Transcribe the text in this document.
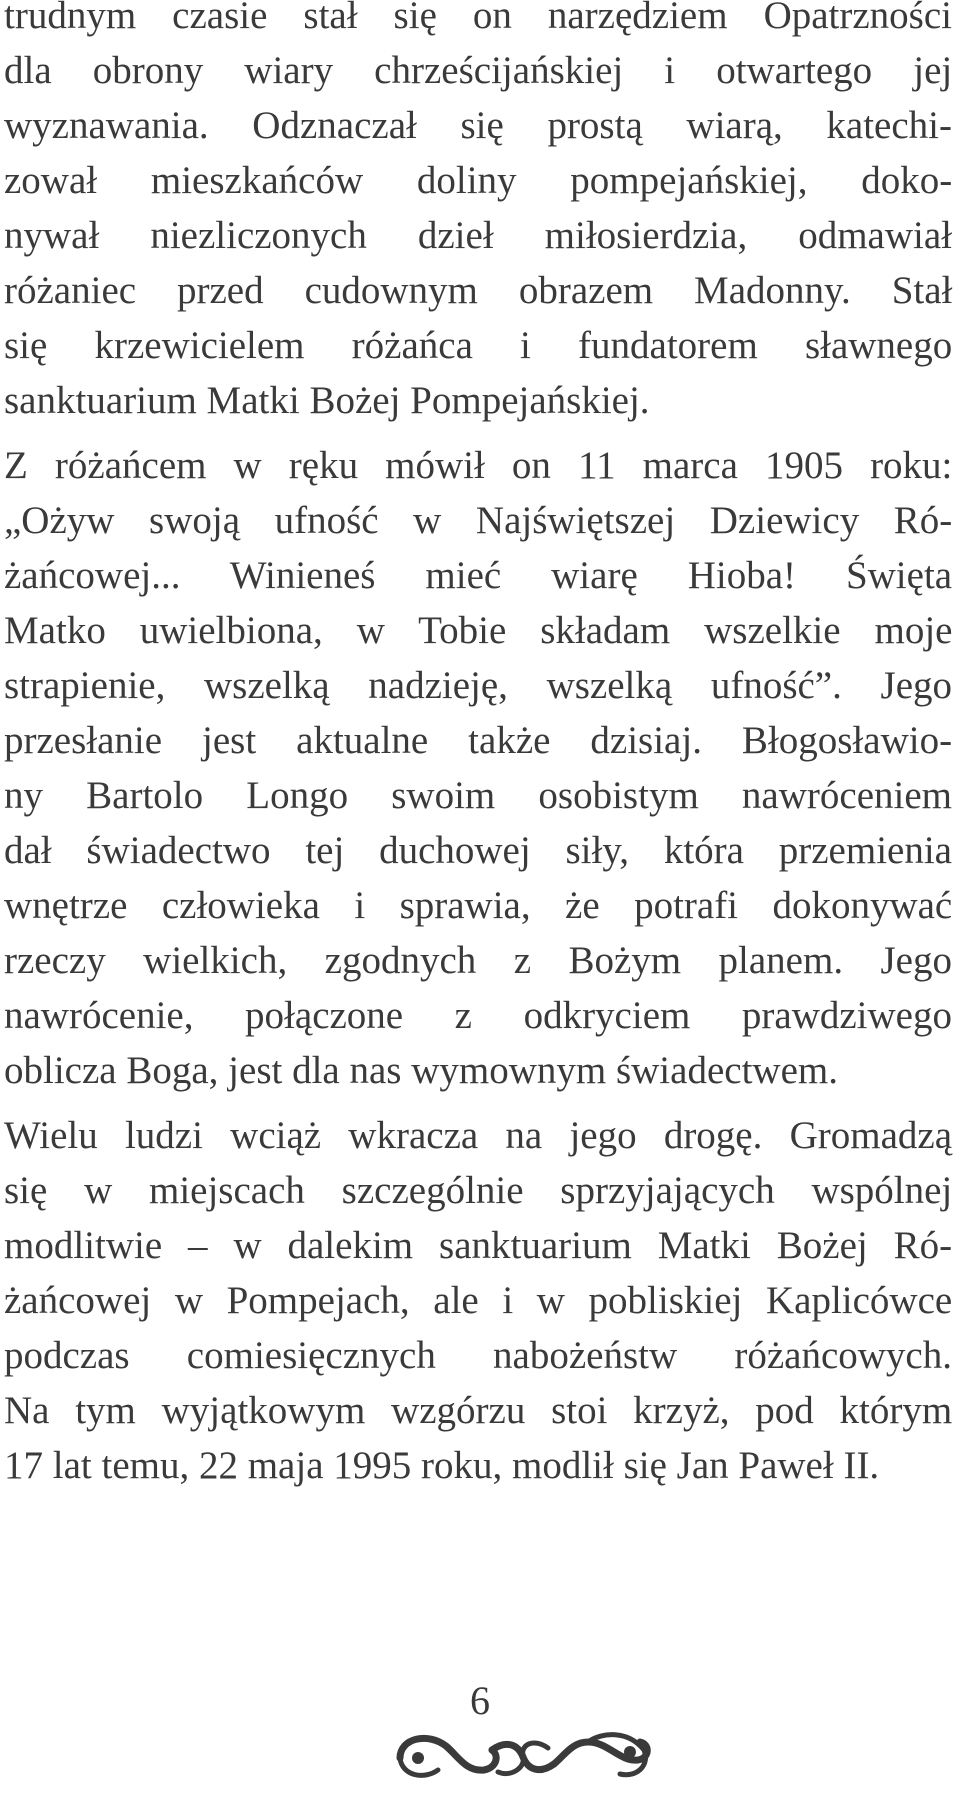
trudnym czasie stał się on narzędziem Opatrzności
dla obrony wiary chrześcijańskiej i otwartego jej
wyznawania. Odznaczał się prostą wiarą, katechi-
zował mieszkańców doliny pompejańskiej, doko-
nywał niezliczonych dzieł miłosierdzia, odmawiał
różaniec przed cudownym obrazem Madonny. Stał
się krzewicielem różańca i fundatorem sławnego
sanktuarium Matki Bożej Pompejańskiej.

Z różańcem w ręku mówił on 11 marca 1905 roku:
„Ożyw swoją ufność w Najświętszej Dziewicy Ró-
żańcowej... Winieneś mieć wiarę Hioba! Święta
Matko uwielbiona, w Tobie składam wszelkie moje
strapienie, wszelką nadzieję, wszelką ufność”. Jego
przesłanie jest aktualne także dzisiaj. Błogosławio-
ny Bartolo Longo swoim osobistym nawróceniem
dał świadectwo tej duchowej siły, która przemienia
wnętrze człowieka i sprawia, że potrafi dokonywać
rzeczy wielkich, zgodnych z Bożym planem. Jego
nawrócenie, połączone z odkryciem prawdziwego
oblicza Boga, jest dla nas wymownym świadectwem.

Wielu ludzi wciąż wkracza na jego drogę. Gromadzą
się w miejscach szczególnie sprzyjających wspólnej
modlitwie – w dalekim sanktuarium Matki Bożej Ró-
żańcowej w Pompejach, ale i w pobliskiej Kaplicówce
podczas comiesięcznych nabożeństw różańcowych.
Na tym wyjątkowym wzgórzu stoi krzyż, pod którym
17 lat temu, 22 maja 1995 roku, modlił się Jan Paweł II.

6
